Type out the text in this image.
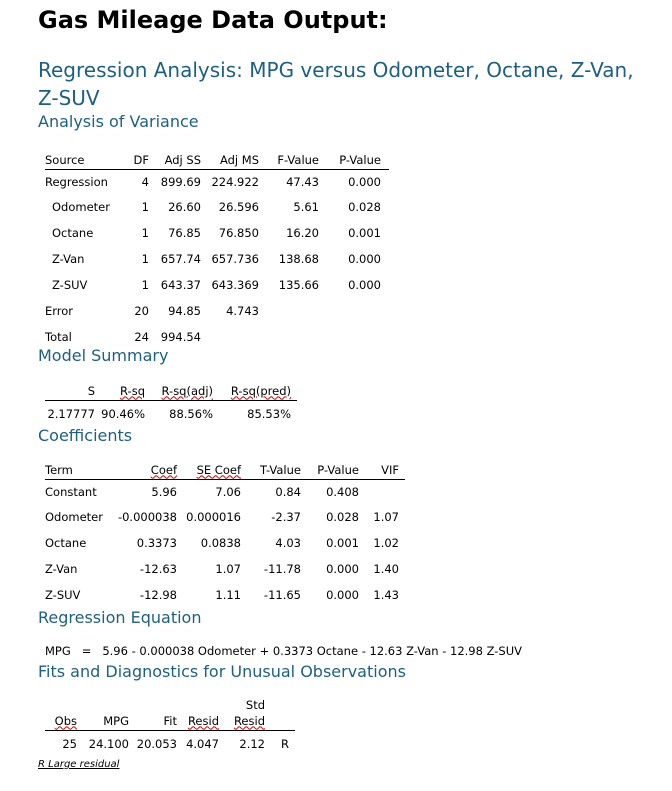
Gas Mileage Data Output:
Regression Analysis: MPG versus Odometer, Octane, Z-Van, Z-SUV
Analysis of Variance
Source	DF	Adj SS	Adj MS	F-Value	P-Value
Regression	4	899.69	224.922	47.43	0.000
Odometer	1	26.60	26.596	5.61	0.028
Octane	1	76.85	76.850	16.20	0.001
Z-Van	1	657.74	657.736	138.68	0.000
Z-SUV	1	643.37	643.369	135.66	0.000
Error	20	94.85	4.743		
Total	24	994.54			
Model Summary
S	R-sq	R-sq(adj)	R-sq(pred)
2.17777	90.46%	88.56%	85.53%
Coefficients
Term	Coef	SE Coef	T-Value	P-Value	VIF
Constant	5.96	7.06	0.84	0.408	
Odometer	-0.000038	0.000016	-2.37	0.028	1.07
Octane	0.3373	0.0838	4.03	0.001	1.02
Z-Van	-12.63	1.07	-11.78	0.000	1.40
Z-SUV	-12.98	1.11	-11.65	0.000	1.43
Regression Equation
MPG   =   5.96 - 0.000038 Odometer + 0.3373 Octane - 12.63 Z-Van - 12.98 Z-SUV
Fits and Diagnostics for Unusual Observations
				Std	
Obs	MPG	Fit	Resid	Resid	
25	24.100	20.053	4.047	2.12	R
R Large residual
